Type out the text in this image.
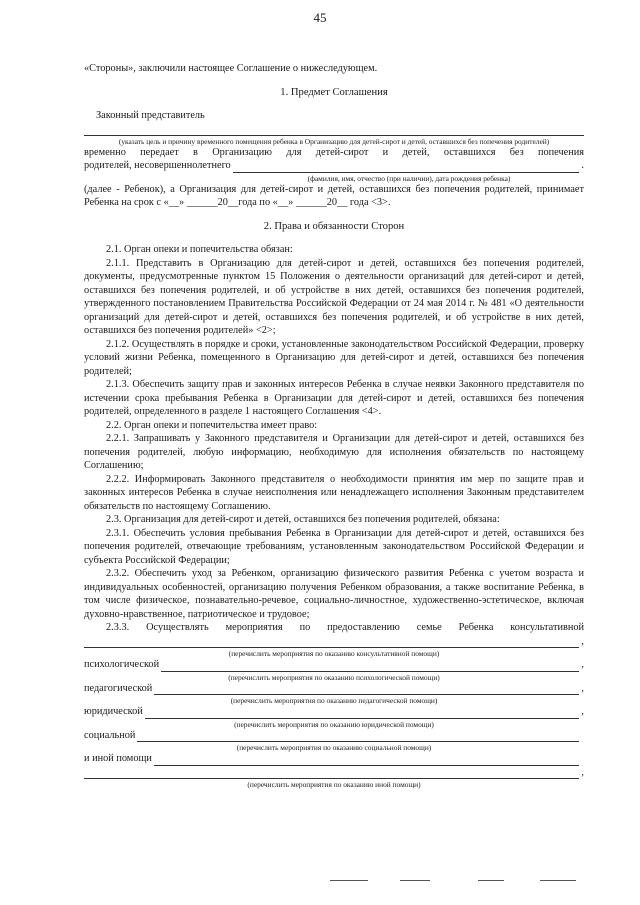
45
«Стороны», заключили настоящее Соглашение о нижеследующем.
1. Предмет Соглашения
Законный представитель
(указать цель и причину временного помещения ребенка в Организацию для детей-сирот и детей, оставшихся без попечения родителей)
временно передает в Организацию для детей-сирот и детей, оставшихся без попечения
родителей, несовершеннолетнего	.
(фамилия, имя, отчество (при наличии), дата рождения ребенка)
(далее - Ребенок), а Организация для детей-сирот и детей, оставшихся без попечения родителей, принимает Ребенка на срок с «__» ______20__года по «__» ______20__ года <3>.
2. Права и обязанности Сторон
2.1. Орган опеки и попечительства обязан:
2.1.1. Представить в Организацию для детей-сирот и детей, оставшихся без попечения родителей, документы, предусмотренные пунктом 15 Положения о деятельности организаций для детей-сирот и детей, оставшихся без попечения родителей, и об устройстве в них детей, оставшихся без попечения родителей, утвержденного постановлением Правительства Российской Федерации от 24 мая 2014 г. № 481 «О деятельности организаций для детей-сирот и детей, оставшихся без попечения родителей, и об устройстве в них детей, оставшихся без попечения родителей» <2>;
2.1.2. Осуществлять в порядке и сроки, установленные законодательством Российской Федерации, проверку условий жизни Ребенка, помещенного в Организацию для детей-сирот и детей, оставшихся без попечения родителей;
2.1.3. Обеспечить защиту прав и законных интересов Ребенка в случае неявки Законного представителя по истечении срока пребывания Ребенка в Организации для детей-сирот и детей, оставшихся без попечения родителей, определенного в разделе 1 настоящего Соглашения <4>.
2.2. Орган опеки и попечительства имеет право:
2.2.1. Запрашивать у Законного представителя и Организации для детей-сирот и детей, оставшихся без попечения родителей, любую информацию, необходимую для исполнения обязательств по настоящему Соглашению;
2.2.2. Информировать Законного представителя о необходимости принятия им мер по защите прав и законных интересов Ребенка в случае неисполнения или ненадлежащего исполнения Законным представителем обязательств по настоящему Соглашению.
2.3. Организация для детей-сирот и детей, оставшихся без попечения родителей, обязана:
2.3.1. Обеспечить условия пребывания Ребенка в Организации для детей-сирот и детей, оставшихся без попечения родителей, отвечающие требованиям, установленным законодательством Российской Федерации и субъекта Российской Федерации;
2.3.2. Обеспечить уход за Ребенком, организацию физического развития Ребенка с учетом возраста и индивидуальных особенностей, организацию получения Ребенком образования, а также воспитание Ребенка, в том числе физическое, познавательно-речевое, социально-личностное, художественно-эстетическое, включая духовно-нравственное, патриотическое и трудовое;
2.3.3. Осуществлять мероприятия по предоставлению семье Ребенка консультативной
,
(перечислить мероприятия по оказанию консультативной помощи)
психологической	,
(перечислить мероприятия по оказанию психологической помощи)
педагогической	,
(перечислить мероприятия по оказанию педагогической помощи)
юридической	,
(перечислить мероприятия по оказанию юридической помощи)
социальной
(перечислить мероприятия по оказанию социальной помощи)
и иной помощи
,
(перечислить мероприятия по оказанию иной помощи)
